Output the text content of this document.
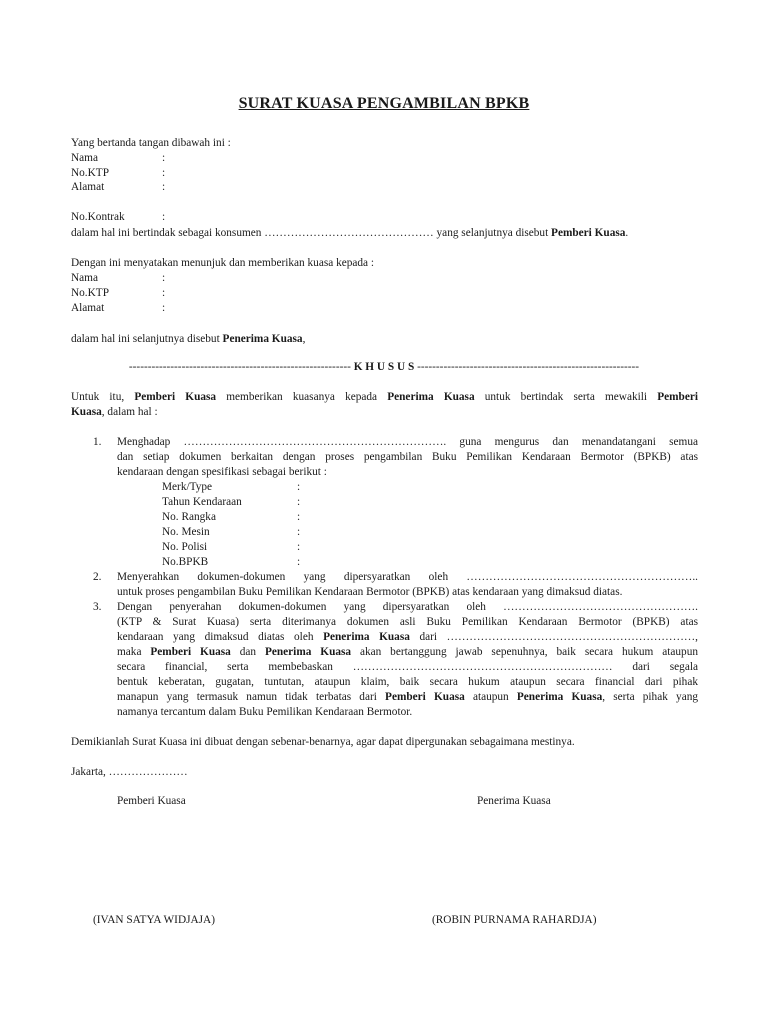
SURAT KUASA PENGAMBILAN BPKB
Yang bertanda tangan dibawah ini :
Nama	:
No.KTP	:
Alamat	:
No.Kontrak	:
dalam hal ini bertindak sebagai konsumen ……………………………………… yang selanjutnya disebut Pemberi Kuasa.
Dengan ini menyatakan menunjuk dan memberikan kuasa kepada :
Nama	:
No.KTP	:
Alamat	:
dalam hal ini selanjutnya disebut Penerima Kuasa,
----------------------------------------------------------- K H U S U S -----------------------------------------------------------
Untuk itu, Pemberi Kuasa memberikan kuasanya kepada Penerima Kuasa untuk bertindak serta mewakili Pemberi
Kuasa, dalam hal :
1. Menghadap ……………………………………………………………. guna mengurus dan menandatangani semua
dan setiap dokumen berkaitan dengan proses pengambilan Buku Pemilikan Kendaraan Bermotor (BPKB) atas
kendaraan dengan spesifikasi sebagai berikut :
Merk/Type	:
Tahun Kendaraan	:
No. Rangka	:
No. Mesin	:
No. Polisi	:
No.BPKB	:
2. Menyerahkan dokumen-dokumen yang dipersyaratkan oleh ……………………………………………………..
untuk proses pengambilan Buku Pemilikan Kendaraan Bermotor (BPKB) atas kendaraan yang dimaksud diatas.
3. Dengan penyerahan dokumen-dokumen yang dipersyaratkan oleh …………………………………………….
(KTP & Surat Kuasa) serta diterimanya dokumen asli Buku Pemilikan Kendaraan Bermotor (BPKB) atas
kendaraan yang dimaksud diatas oleh Penerima Kuasa dari …………………………………………………………,
maka Pemberi Kuasa dan Penerima Kuasa akan bertanggung jawab sepenuhnya, baik secara hukum ataupun
secara financial, serta membebaskan …………………………………………………………… dari segala
bentuk keberatan, gugatan, tuntutan, ataupun klaim, baik secara hukum ataupun secara financial dari pihak
manapun yang termasuk namun tidak terbatas dari Pemberi Kuasa ataupun Penerima Kuasa, serta pihak yang
namanya tercantum dalam Buku Pemilikan Kendaraan Bermotor.
Demikianlah Surat Kuasa ini dibuat dengan sebenar-benarnya, agar dapat dipergunakan sebagaimana mestinya.
Jakarta, …………………
Pemberi Kuasa	Penerima Kuasa
(IVAN SATYA WIDJAJA)	(ROBIN PURNAMA RAHARDJA)
